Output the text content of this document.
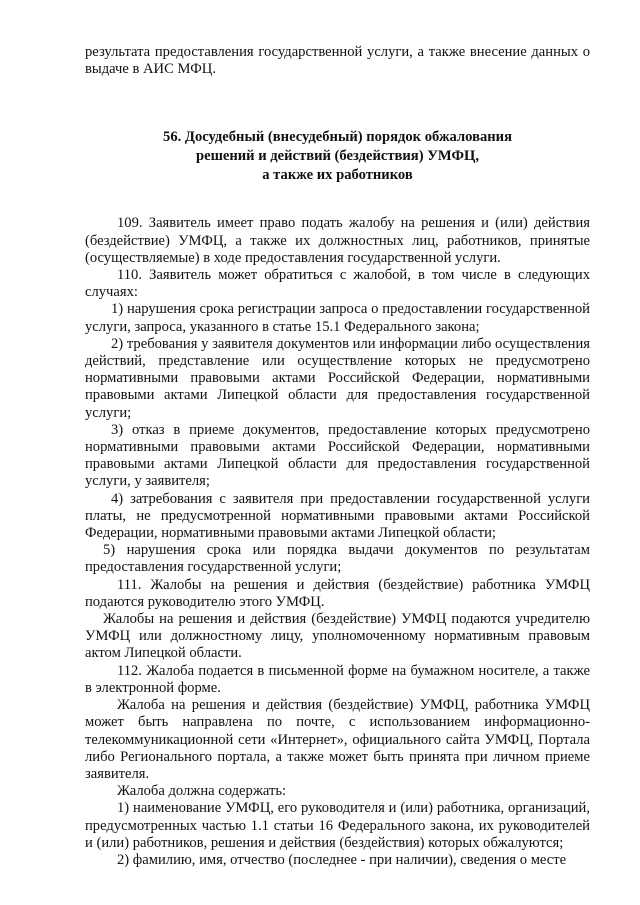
результата предоставления государственной услуги, а также внесение данных о выдаче в АИС МФЦ.

56. Досудебный (внесудебный) порядок обжалования
решений и действий (бездействия) УМФЦ,
а также их работников

109. Заявитель имеет право подать жалобу на решения и (или) действия (бездействие) УМФЦ, а также их должностных лиц, работников, принятые (осуществляемые) в ходе предоставления государственной услуги.

110. Заявитель может обратиться с жалобой, в том числе в следующих случаях:

1) нарушения срока регистрации запроса о предоставлении государственной услуги, запроса, указанного в статье 15.1 Федерального закона;

2) требования у заявителя документов или информации либо осуществления действий, представление или осуществление которых не предусмотрено нормативными правовыми актами Российской Федерации, нормативными правовыми актами Липецкой области для предоставления государственной услуги;

3) отказ в приеме документов, предоставление которых предусмотрено нормативными правовыми актами Российской Федерации, нормативными правовыми актами Липецкой области для предоставления государственной услуги, у заявителя;

4) затребования с заявителя при предоставлении государственной услуги платы, не предусмотренной нормативными правовыми актами Российской Федерации, нормативными правовыми актами Липецкой области;

5) нарушения срока или порядка выдачи документов по результатам предоставления государственной услуги;

111. Жалобы на решения и действия (бездействие) работника УМФЦ подаются руководителю этого УМФЦ.

Жалобы на решения и действия (бездействие) УМФЦ подаются учредителю УМФЦ или должностному лицу, уполномоченному нормативным правовым актом Липецкой области.

112. Жалоба подается в письменной форме на бумажном носителе, а также в электронной форме.

Жалоба на решения и действия (бездействие) УМФЦ, работника УМФЦ может быть направлена по почте, с использованием информационно-телекоммуникационной сети «Интернет», официального сайта УМФЦ, Портала либо Регионального портала, а также может быть принята при личном приеме заявителя.

Жалоба должна содержать:

1) наименование УМФЦ, его руководителя и (или) работника, организаций, предусмотренных частью 1.1 статьи 16 Федерального закона, их руководителей и (или) работников, решения и действия (бездействия) которых обжалуются;

2) фамилию, имя, отчество (последнее - при наличии), сведения о месте
